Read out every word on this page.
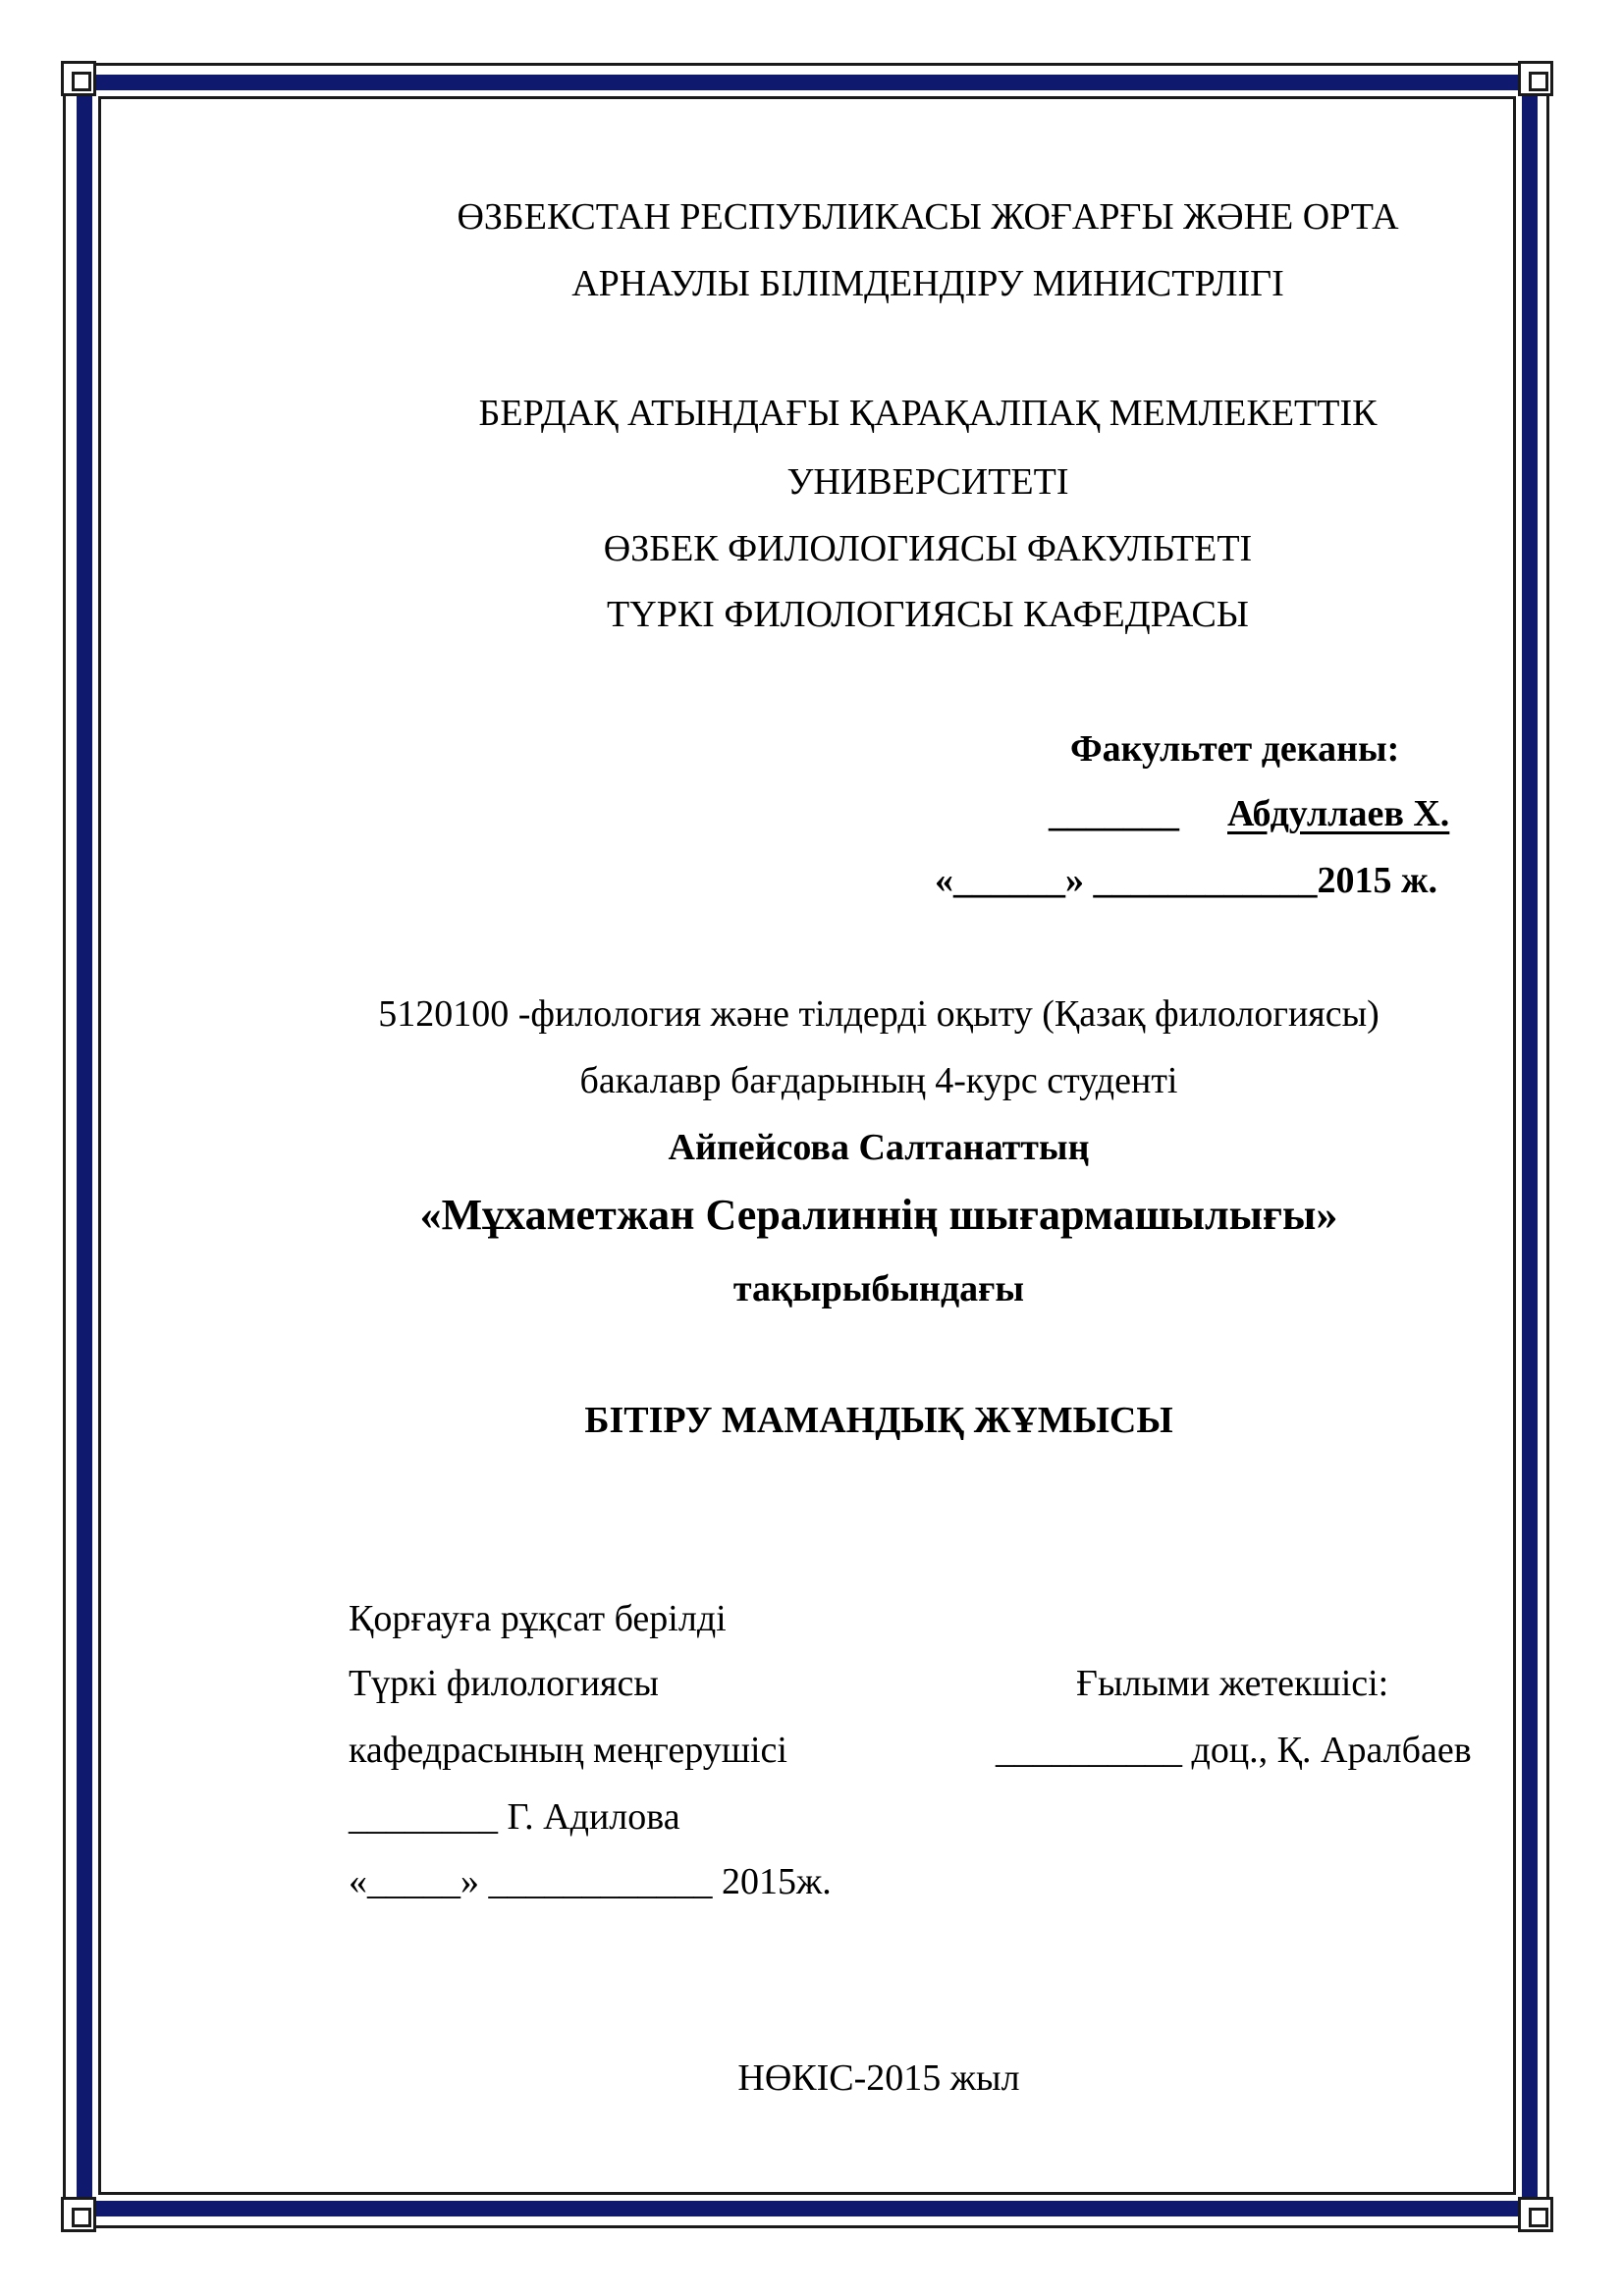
ӨЗБЕКСТАН РЕСПУБЛИКАСЫ ЖОҒАРҒЫ ЖӘНЕ ОРТА
АРНАУЛЫ БІЛІМДЕНДІРУ МИНИСТРЛІГІ
БЕРДАҚ АТЫНДАҒЫ ҚАРАҚАЛПАҚ МЕМЛЕКЕТТІК
УНИВЕРСИТЕТІ
ӨЗБЕК ФИЛОЛОГИЯСЫ ФАКУЛЬТЕТІ
ТҮРКІ ФИЛОЛОГИЯСЫ КАФЕДРАСЫ
Факультет деканы:
_______ Абдуллаев Х.
«______» ____________2015 ж.
5120100 -филология және тілдерді оқыту (Қазақ филологиясы)
бакалавр бағдарының 4-курс студенті
Айпейсова Салтанаттың
«Мұхаметжан Сералиннің шығармашылығы»
тақырыбындағы
БІТІРУ МАМАНДЫҚ ЖҰМЫСЫ
Қорғауға рұқсат берілді
Түркі филологиясы
кафедрасының меңгерушісі
________ Г. Адилова
«_____» ____________ 2015ж.
Ғылыми жетекшісі:
__________ доц., Қ. Аралбаев
НӨКІС-2015 жыл
